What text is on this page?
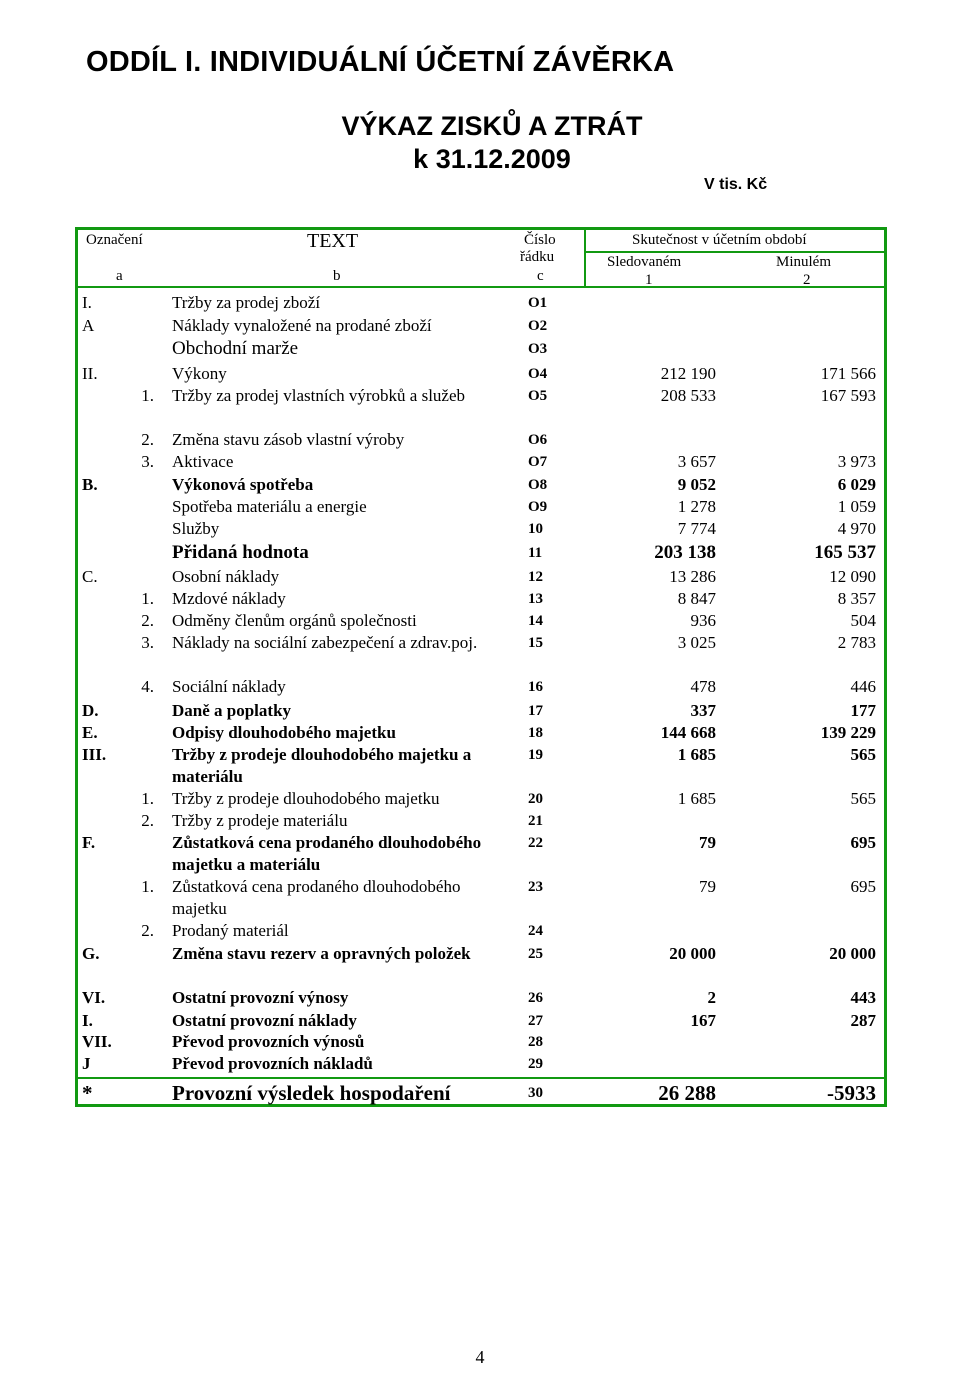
ODDÍL I. INDIVIDUÁLNÍ ÚČETNÍ ZÁVĚRKA
VÝKAZ ZISKŮ A ZTRÁT
k 31.12.2009
V tis. Kč
Označení	TEXT	Číslo
řádku
Skutečnost v účetním období
Sledovaném	Minulém
a	b	c	1	2
I.	Tržby za prodej zboží	O1
A	Náklady vynaložené na prodané zboží	O2
Obchodní marže	O3
II.	Výkony	O4	212 190	171 566
1. Tržby za prodej vlastních výrobků a služeb	O5	208 533	167 593
2. Změna stavu zásob vlastní výroby	O6
3. Aktivace	O7	3 657	3 973
B.	Výkonová spotřeba	O8	9 052	6 029
Spotřeba materiálu a energie	O9	1 278	1 059
Služby	10	7 774	4 970
Přidaná hodnota	11	203 138	165 537
C.	Osobní náklady	12	13 286	12 090
1. Mzdové náklady	13	8 847	8 357
2. Odměny členům orgánů společnosti	14	936	504
3. Náklady na sociální zabezpečení a zdrav.poj.	15	3 025	2 783
4. Sociální náklady	16	478	446
D.	Daně a poplatky	17	337	177
E.	Odpisy dlouhodobého majetku	18	144 668	139 229
III.	Tržby z prodeje dlouhodobého majetku a materiálu
19	1 685	565
1. Tržby z prodeje dlouhodobého majetku	20	1 685	565
2. Tržby z prodeje materiálu	21
F.	Zůstatková cena prodaného dlouhodobého majetku a materiálu
22	79	695
1. Zůstatková cena prodaného dlouhodobého majetku
23	79	695
2. Prodaný materiál	24
G.	Změna stavu rezerv a opravných položek	25	20 000	20 000
VI.	Ostatní provozní výnosy	26	2	443
I.	Ostatní provozní náklady	27	167	287
VII.	Převod provozních výnosů	28
J	Převod provozních nákladů	29
*	Provozní výsledek hospodaření	30	26 288	-5933
4
